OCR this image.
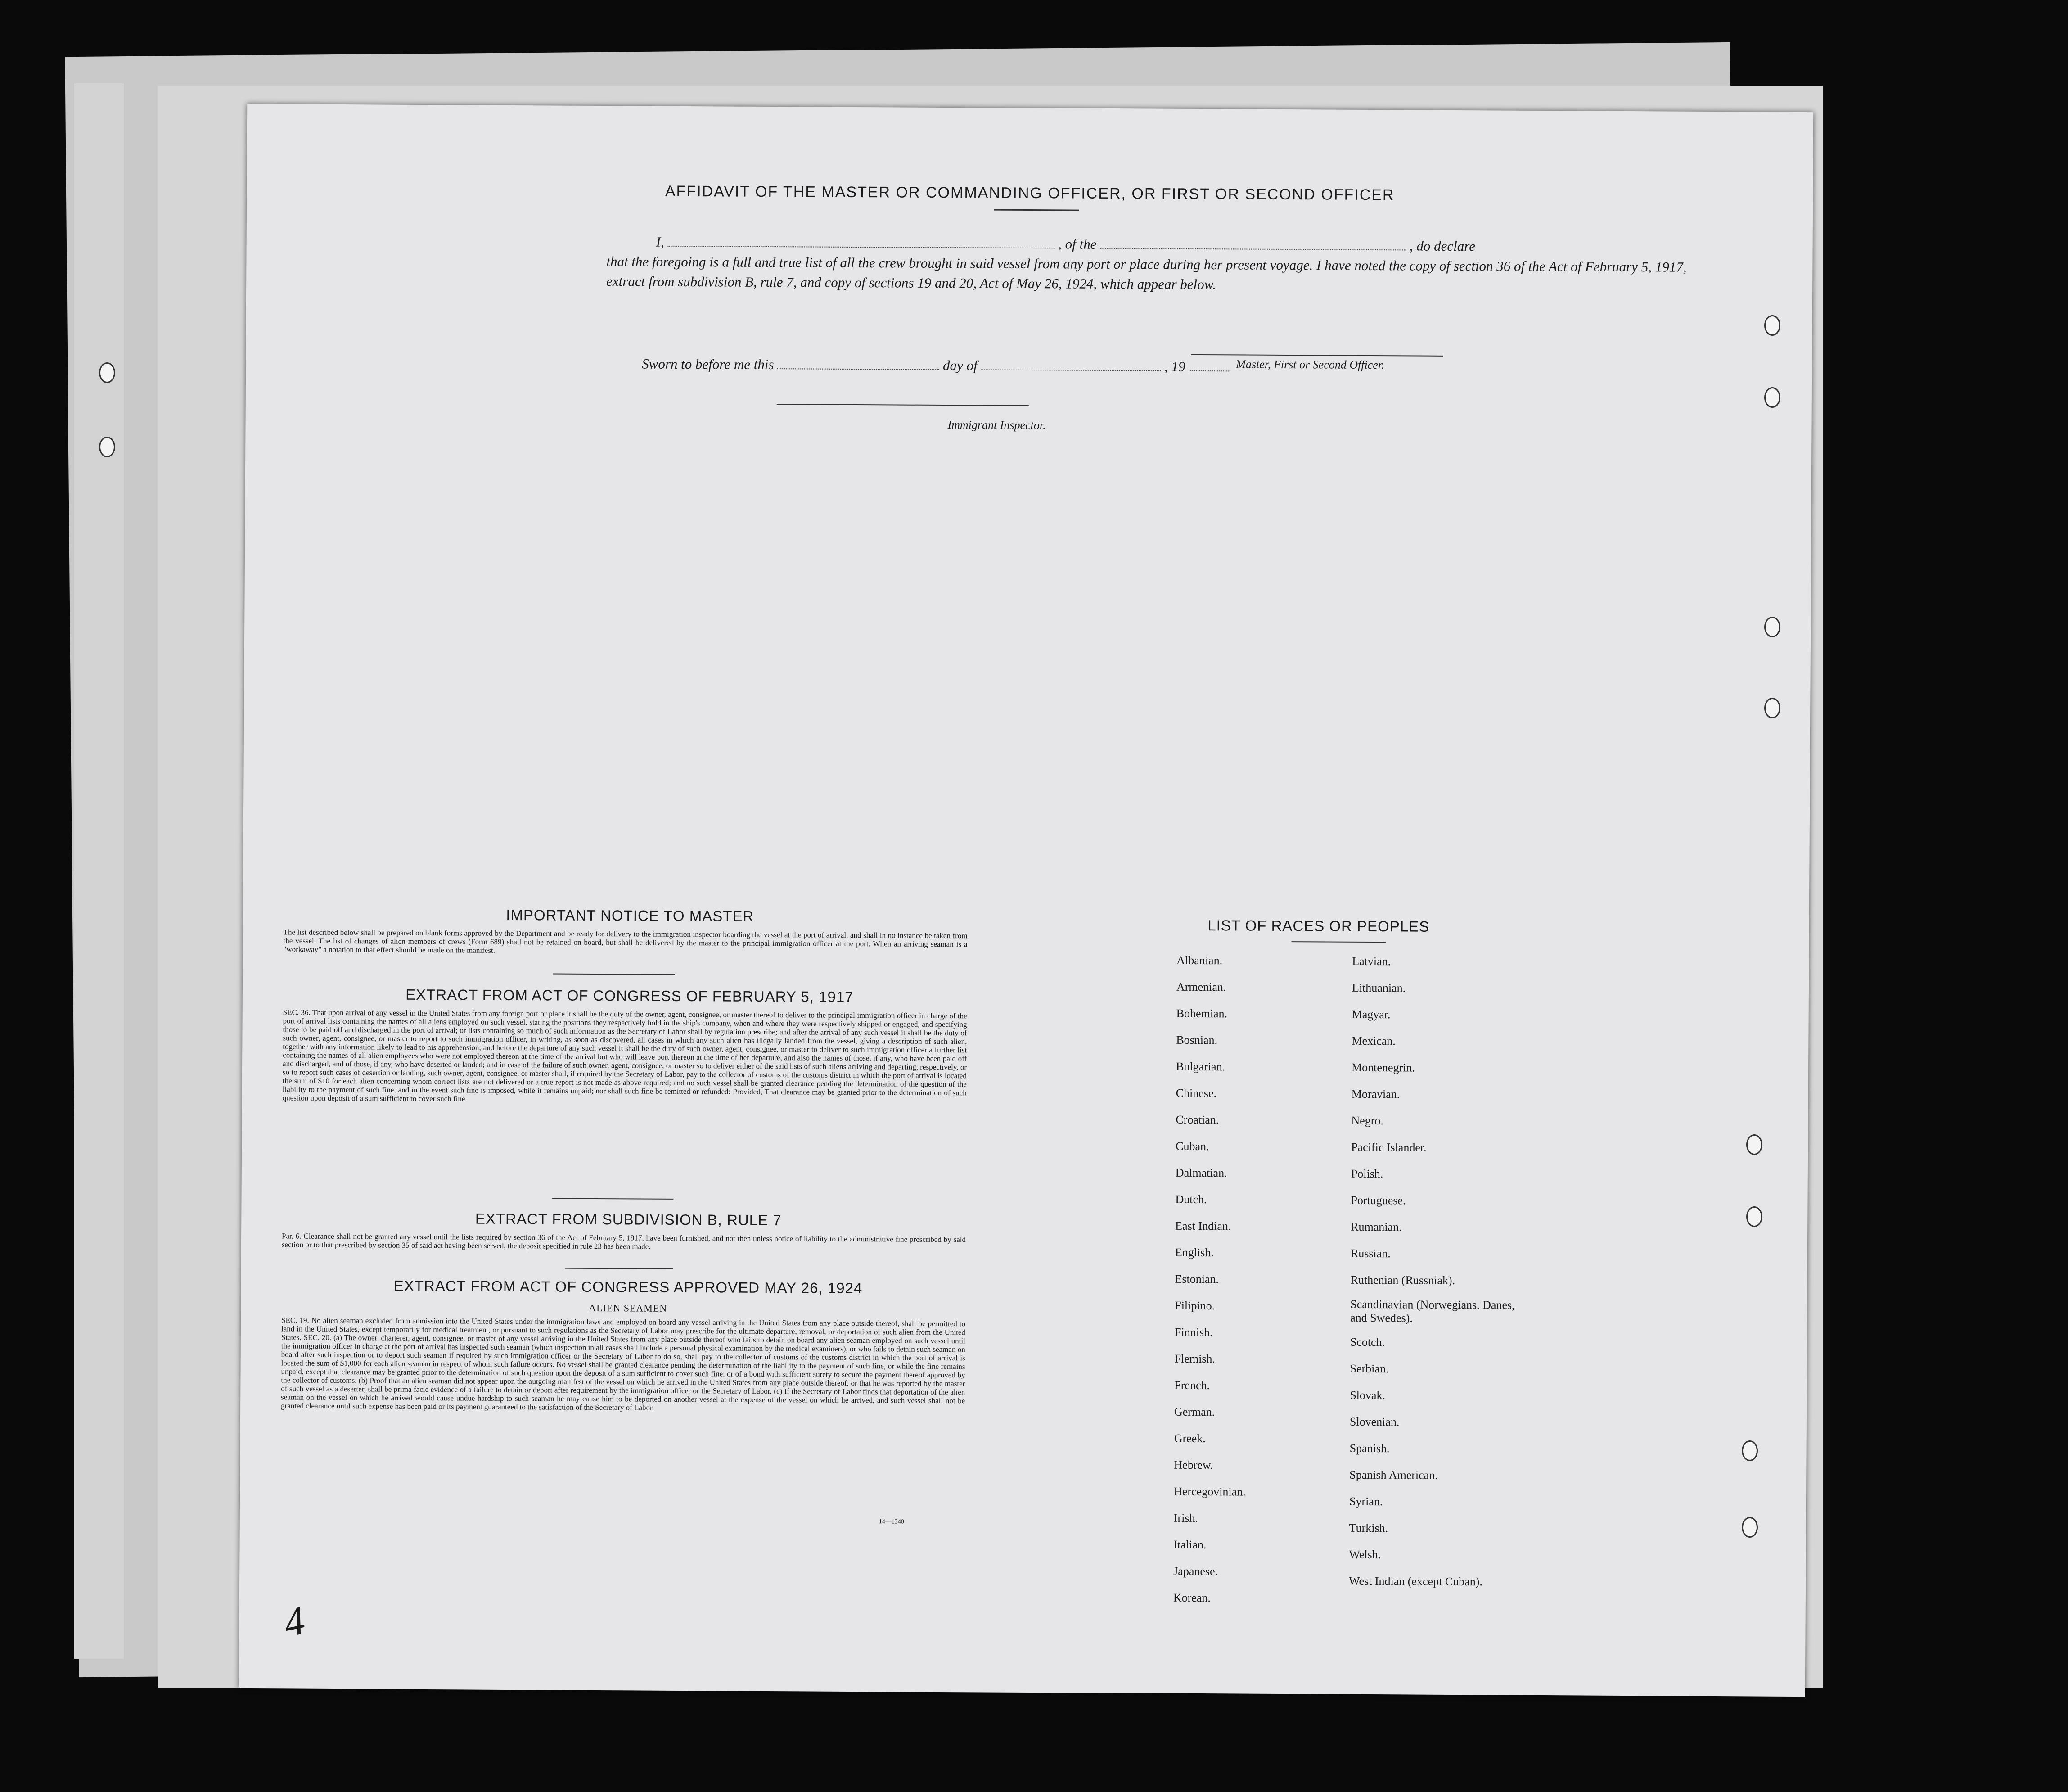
AFFIDAVIT OF THE MASTER OR COMMANDING OFFICER, OR FIRST OR SECOND OFFICER
I,	, of the	, do declare
that the foregoing is a full and true list of all the crew brought in said vessel from any port or place during her present voyage. I have noted the copy of section 36 of the Act of February 5, 1917, extract from subdivision B, rule 7, and copy of sections 19 and 20, Act of May 26, 1924, which appear below.
Master, First or Second Officer.
Sworn to before me this	day of	, 19
Immigrant Inspector.
IMPORTANT NOTICE TO MASTER
The list described below shall be prepared on blank forms approved by the Department and be ready for delivery to the immigration inspector boarding the vessel at the port of arrival, and shall in no instance be taken from the vessel. The list of changes of alien members of crews (Form 689) shall not be retained on board, but shall be delivered by the master to the principal immigration officer at the port. When an arriving seaman is a "workaway" a notation to that effect should be made on the manifest.
EXTRACT FROM ACT OF CONGRESS OF FEBRUARY 5, 1917
SEC. 36. That upon arrival of any vessel in the United States from any foreign port or place it shall be the duty of the owner, agent, consignee, or master thereof to deliver to the principal immigration officer in charge of the port of arrival lists containing the names of all aliens employed on such vessel, stating the positions they respectively hold in the ship's company, when and where they were respectively shipped or engaged, and specifying those to be paid off and discharged in the port of arrival; or lists containing so much of such information as the Secretary of Labor shall by regulation prescribe; and after the arrival of any such vessel it shall be the duty of such owner, agent, consignee, or master to report to such immigration officer, in writing, as soon as discovered, all cases in which any such alien has illegally landed from the vessel, giving a description of such alien, together with any information likely to lead to his apprehension; and before the departure of any such vessel it shall be the duty of such owner, agent, consignee, or master to deliver to such immigration officer a further list containing the names of all alien employees who were not employed thereon at the time of the arrival but who will leave port thereon at the time of her departure, and also the names of those, if any, who have been paid off and discharged, and of those, if any, who have deserted or landed; and in case of the failure of such owner, agent, consignee, or master so to deliver either of the said lists of such aliens arriving and departing, respectively, or so to report such cases of desertion or landing, such owner, agent, consignee, or master shall, if required by the Secretary of Labor, pay to the collector of customs of the customs district in which the port of arrival is located the sum of $10 for each alien concerning whom correct lists are not delivered or a true report is not made as above required; and no such vessel shall be granted clearance pending the determination of the question of the liability to the payment of such fine, and in the event such fine is imposed, while it remains unpaid; nor shall such fine be remitted or refunded: Provided, That clearance may be granted prior to the determination of such question upon deposit of a sum sufficient to cover such fine.
EXTRACT FROM SUBDIVISION B, RULE 7
Par. 6. Clearance shall not be granted any vessel until the lists required by section 36 of the Act of February 5, 1917, have been furnished, and not then unless notice of liability to the administrative fine prescribed by said section or to that prescribed by section 35 of said act having been served, the deposit specified in rule 23 has been made.
EXTRACT FROM ACT OF CONGRESS APPROVED MAY 26, 1924
ALIEN SEAMEN
SEC. 19. No alien seaman excluded from admission into the United States under the immigration laws and employed on board any vessel arriving in the United States from any place outside thereof, shall be permitted to land in the United States, except temporarily for medical treatment, or pursuant to such regulations as the Secretary of Labor may prescribe for the ultimate departure, removal, or deportation of such alien from the United States. SEC. 20. (a) The owner, charterer, agent, consignee, or master of any vessel arriving in the United States from any place outside thereof who fails to detain on board any alien seaman employed on such vessel until the immigration officer in charge at the port of arrival has inspected such seaman (which inspection in all cases shall include a personal physical examination by the medical examiners), or who fails to detain such seaman on board after such inspection or to deport such seaman if required by such immigration officer or the Secretary of Labor to do so, shall pay to the collector of customs of the customs district in which the port of arrival is located the sum of $1,000 for each alien seaman in respect of whom such failure occurs. No vessel shall be granted clearance pending the determination of the liability to the payment of such fine, or while the fine remains unpaid, except that clearance may be granted prior to the determination of such question upon the deposit of a sum sufficient to cover such fine, or of a bond with sufficient surety to secure the payment thereof approved by the collector of customs. (b) Proof that an alien seaman did not appear upon the outgoing manifest of the vessel on which he arrived in the United States from any place outside thereof, or that he was reported by the master of such vessel as a deserter, shall be prima facie evidence of a failure to detain or deport after requirement by the immigration officer or the Secretary of Labor. (c) If the Secretary of Labor finds that deportation of the alien seaman on the vessel on which he arrived would cause undue hardship to such seaman he may cause him to be deported on another vessel at the expense of the vessel on which he arrived, and such vessel shall not be granted clearance until such expense has been paid or its payment guaranteed to the satisfaction of the Secretary of Labor.
14—1340
4
LIST OF RACES OR PEOPLES
Albanian.
Armenian.
Bohemian.
Bosnian.
Bulgarian.
Chinese.
Croatian.
Cuban.
Dalmatian.
Dutch.
East Indian.
English.
Estonian.
Filipino.
Finnish.
Flemish.
French.
German.
Greek.
Hebrew.
Hercegovinian.
Irish.
Italian.
Japanese.
Korean.
Latvian.
Lithuanian.
Magyar.
Mexican.
Montenegrin.
Moravian.
Negro.
Pacific Islander.
Polish.
Portuguese.
Rumanian.
Russian.
Ruthenian (Russniak).
Scandinavian (Norwegians, Danes, and Swedes).
Scotch.
Serbian.
Slovak.
Slovenian.
Spanish.
Spanish American.
Syrian.
Turkish.
Welsh.
West Indian (except Cuban).
